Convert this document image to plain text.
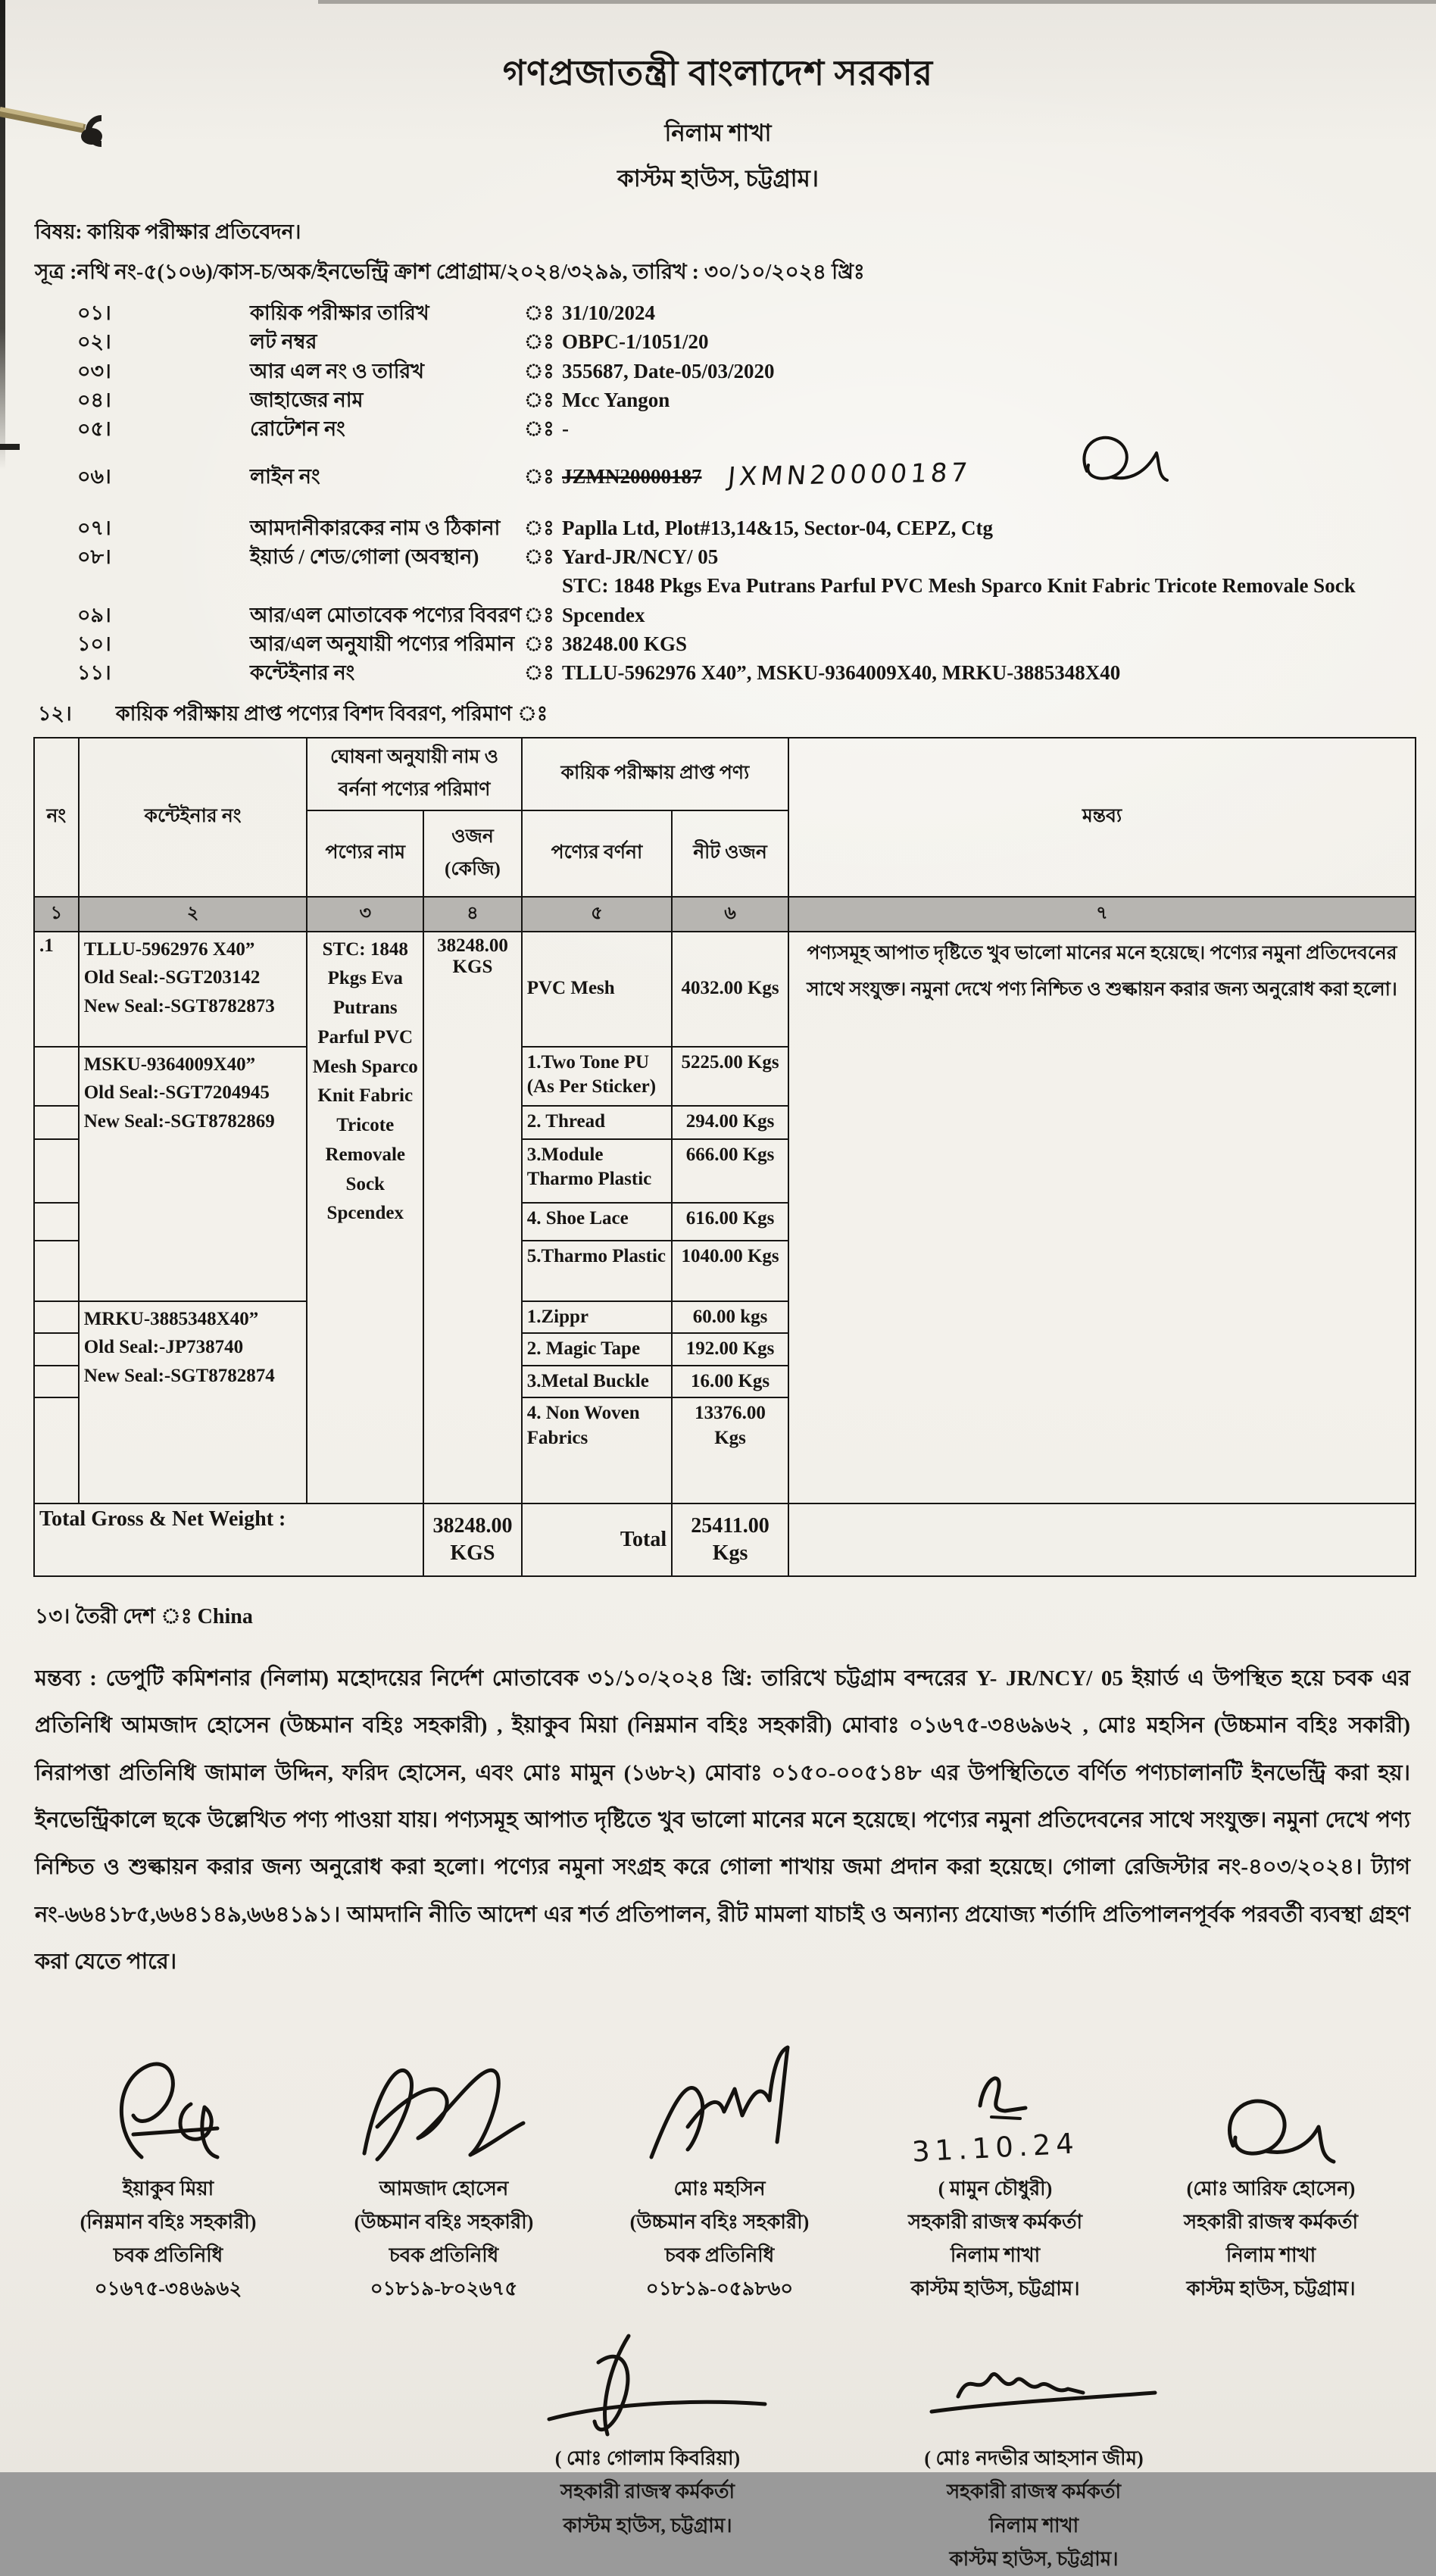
গণপ্রজাতন্ত্রী বাংলাদেশ সরকার
নিলাম শাখা
কাস্টম হাউস, চট্টগ্রাম।
বিষয়: কায়িক পরীক্ষার প্রতিবেদন।
সূত্র :নথি নং-৫(১০৬)/কাস-চ/অক/ইনভেন্ট্রি ক্রাশ প্রোগ্রাম/২০২৪/৩২৯৯, তারিখ : ৩০/১০/২০২৪ খ্রিঃ
০১।	কায়িক পরীক্ষার তারিখ	ঃ 31/10/2024
০২।	লট নম্বর	ঃ OBPC-1/1051/20
০৩।	আর এল নং ও তারিখ	ঃ 355687, Date-05/03/2020
০৪।	জাহাজের নাম	ঃ Mcc Yangon
০৫।	রোটেশন নং	ঃ -
০৬।	লাইন নং	ঃ JZMN20000187 JXMN20000187
০৭।	আমদানীকারকের নাম ও ঠিকানা	ঃ Paplla Ltd, Plot#13,14&15, Sector-04, CEPZ, Ctg
০৮।	ইয়ার্ড / শেড/গোলা (অবস্থান)	ঃ Yard-JR/NCY/ 05
০৯।	আর/এল মোতাবেক পণ্যের বিবরণ ঃ
STC: 1848 Pkgs Eva Putrans Parful PVC Mesh Sparco Knit Fabric Tricote Removale Sock Spcendex
১০।	আর/এল অনুযায়ী পণ্যের পরিমান ঃ 38248.00 KGS
১১।	কন্টেইনার নং	ঃ TLLU-5962976 X40”, MSKU-9364009X40, MRKU-3885348X40
১২। কায়িক পরীক্ষায় প্রাপ্ত পণ্যের বিশদ বিবরণ, পরিমাণ ঃ
নং	কন্টেইনার নং	ঘোষনা অনুযায়ী নাম ও বর্ননা পণ্যের পরিমাণ		কায়িক পরীক্ষায় প্রাপ্ত পণ্য		মন্তব্য
		পণ্যের নাম	ওজন (কেজি)	পণ্যের বর্ণনা	নীট ওজন	
১	২	৩	৪	৫	৬	৭
.1	TLLU-5962976 X40”
Old Seal:-SGT203142
New Seal:-SGT8782873	STC: 1848 Pkgs Eva Putrans Parful PVC Mesh Sparco Knit Fabric Tricote Removale Sock Spcendex	38248.00 KGS	PVC Mesh	4032.00 Kgs	পণ্যসমূহ আপাত দৃষ্টিতে খুব ভালো মানের মনে হয়েছে। পণ্যের নমুনা প্রতিদেবনের সাথে সংযুক্ত। নমুনা দেখে পণ্য নিশ্চিত ও শুল্কায়ন করার জন্য অনুরোধ করা হলো।

	MSKU-9364009X40”
Old Seal:-SGT7204945
New Seal:-SGT8782869			1.Two Tone PU (As Per Sticker)	5225.00 Kgs	
				2. Thread	294.00 Kgs	
				3.Module Tharmo Plastic	666.00 Kgs	
				4. Shoe Lace	616.00 Kgs	
				5.Tharmo Plastic	1040.00 Kgs	

	MRKU-3885348X40”
Old Seal:-JP738740
New Seal:-SGT8782874			1.Zippr	60.00 kgs	
				2. Magic Tape	192.00 Kgs	
				3.Metal Buckle	16.00 Kgs	
				4. Non Woven Fabrics	13376.00 Kgs	
Total Gross & Net Weight :			38248.00 KGS	Total	25411.00 Kgs	
১৩। তৈরী দেশ ঃ China
মন্তব্য : ডেপুটি কমিশনার (নিলাম) মহোদয়ের নির্দেশ মোতাবেক ৩১/১০/২০২৪ খ্রি: তারিখে চট্টগ্রাম বন্দরের Y- JR/NCY/ 05 ইয়ার্ড এ উপস্থিত হয়ে চবক এর প্রতিনিধি আমজাদ হোসেন (উচ্চমান বহিঃ সহকারী) , ইয়াকুব মিয়া (নিম্নমান বহিঃ সহকারী) মোবাঃ ০১৬৭৫-৩৪৬৯৬২ , মোঃ মহসিন (উচ্চমান বহিঃ সকারী) নিরাপত্তা প্রতিনিধি জামাল উদ্দিন, ফরিদ হোসেন, এবং মোঃ মামুন (১৬৮২) মোবাঃ ০১৫০-০০৫১৪৮ এর উপস্থিতিতে বর্ণিত পণ্যচালানটি ইনভেন্ট্রি করা হয়। ইনভেন্ট্রিকালে ছকে উল্লেখিত পণ্য পাওয়া যায়। পণ্যসমূহ আপাত দৃষ্টিতে খুব ভালো মানের মনে হয়েছে। পণ্যের নমুনা প্রতিদেবনের সাথে সংযুক্ত। নমুনা দেখে পণ্য নিশ্চিত ও শুল্কায়ন করার জন্য অনুরোধ করা হলো। পণ্যের নমুনা সংগ্রহ করে গোলা শাখায় জমা প্রদান করা হয়েছে। গোলা রেজিস্টার নং-৪০৩/২০২৪। ট্যাগ নং-৬৬৪১৮৫,৬৬৪১৪৯,৬৬৪১৯১। আমদানি নীতি আদেশ এর শর্ত প্রতিপালন, রীট মামলা যাচাই ও অন্যান্য প্রযোজ্য শর্তাদি প্রতিপালনপূর্বক পরবর্তী ব্যবস্থা গ্রহণ করা যেতে পারে।
ইয়াকুব মিয়া
(নিম্নমান বহিঃ সহকারী)
চবক প্রতিনিধি
০১৬৭৫-৩৪৬৯৬২
আমজাদ হোসেন
(উচ্চমান বহিঃ সহকারী)
চবক প্রতিনিধি
০১৮১৯-৮০২৬৭৫
মোঃ মহসিন
(উচ্চমান বহিঃ সহকারী)
চবক প্রতিনিধি
০১৮১৯-০৫৯৮৬০
31.10.24
( মামুন চৌধুরী)
সহকারী রাজস্ব কর্মকর্তা
নিলাম শাখা
কাস্টম হাউস, চট্টগ্রাম।
(মোঃ আরিফ হোসেন)
সহকারী রাজস্ব কর্মকর্তা
নিলাম শাখা
কাস্টম হাউস, চট্টগ্রাম।
( মোঃ গোলাম কিবরিয়া)
সহকারী রাজস্ব কর্মকর্তা
কাস্টম হাউস, চট্টগ্রাম।
( মোঃ নদভীর আহসান জীম)
সহকারী রাজস্ব কর্মকর্তা
নিলাম শাখা
কাস্টম হাউস, চট্টগ্রাম।
